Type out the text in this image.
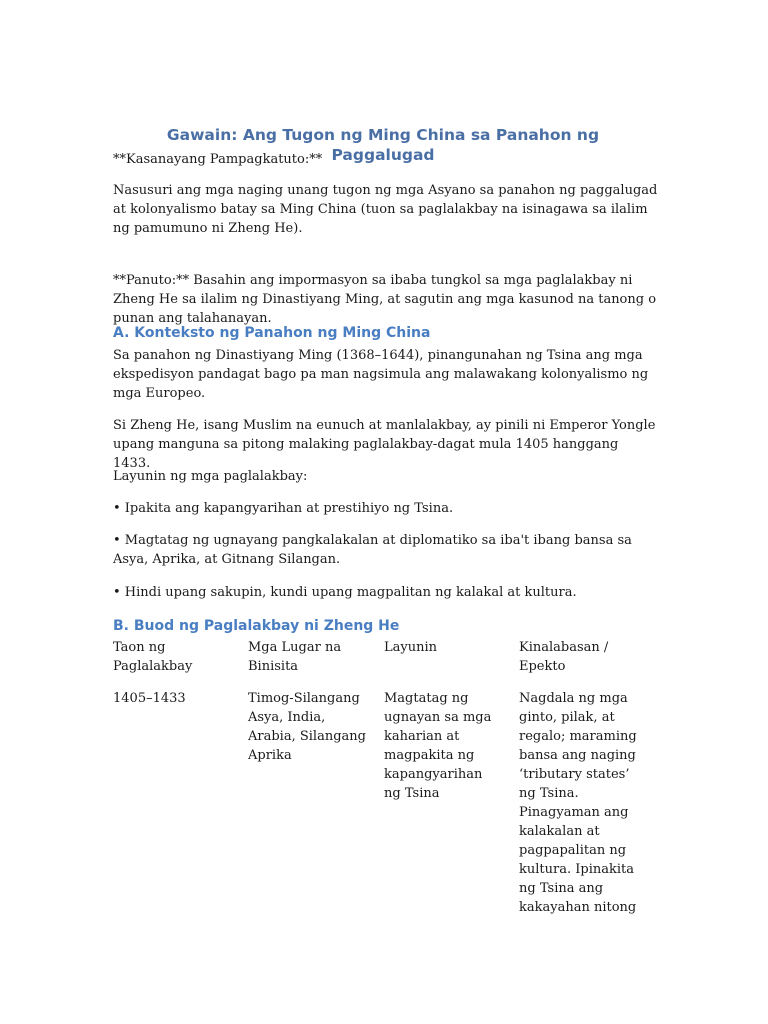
Gawain: Ang Tugon ng Ming China sa Panahon ng Paggalugad

**Kasanayang Pampagkatuto:**

Nasusuri ang mga naging unang tugon ng mga Asyano sa panahon ng paggalugad at kolonyalismo batay sa Ming China (tuon sa paglalakbay na isinagawa sa ilalim ng pamumuno ni Zheng He).

**Panuto:** Basahin ang impormasyon sa ibaba tungkol sa mga paglalakbay ni Zheng He sa ilalim ng Dinastiyang Ming, at sagutin ang mga kasunod na tanong o punan ang talahanayan.

A. Konteksto ng Panahon ng Ming China

Sa panahon ng Dinastiyang Ming (1368–1644), pinangunahan ng Tsina ang mga ekspedisyon pandagat bago pa man nagsimula ang malawakang kolonyalismo ng mga Europeo.

Si Zheng He, isang Muslim na eunuch at manlalakbay, ay pinili ni Emperor Yongle upang manguna sa pitong malaking paglalakbay-dagat mula 1405 hanggang 1433.

Layunin ng mga paglalakbay:

• Ipakita ang kapangyarihan at prestihiyo ng Tsina.

• Magtatag ng ugnayang pangkalakalan at diplomatiko sa iba't ibang bansa sa Asya, Aprika, at Gitnang Silangan.

• Hindi upang sakupin, kundi upang magpalitan ng kalakal at kultura.

B. Buod ng Paglalakbay ni Zheng He
Taon ng Paglalakbay
Mga Lugar na Binisita
Layunin	Kinalabasan / Epekto
1405–1433	Timog-Silangang Asya, India, Arabia, Silangang Aprika
Magtatag ng ugnayan sa mga kaharian at magpakita ng kapangyarihan ng Tsina
Nagdala ng mga ginto, pilak, at regalo; maraming bansa ang naging ‘tributary states’ ng Tsina. Pinagyaman ang kalakalan at pagpapalitan ng kultura. Ipinakita ng Tsina ang kakayahan nitong
